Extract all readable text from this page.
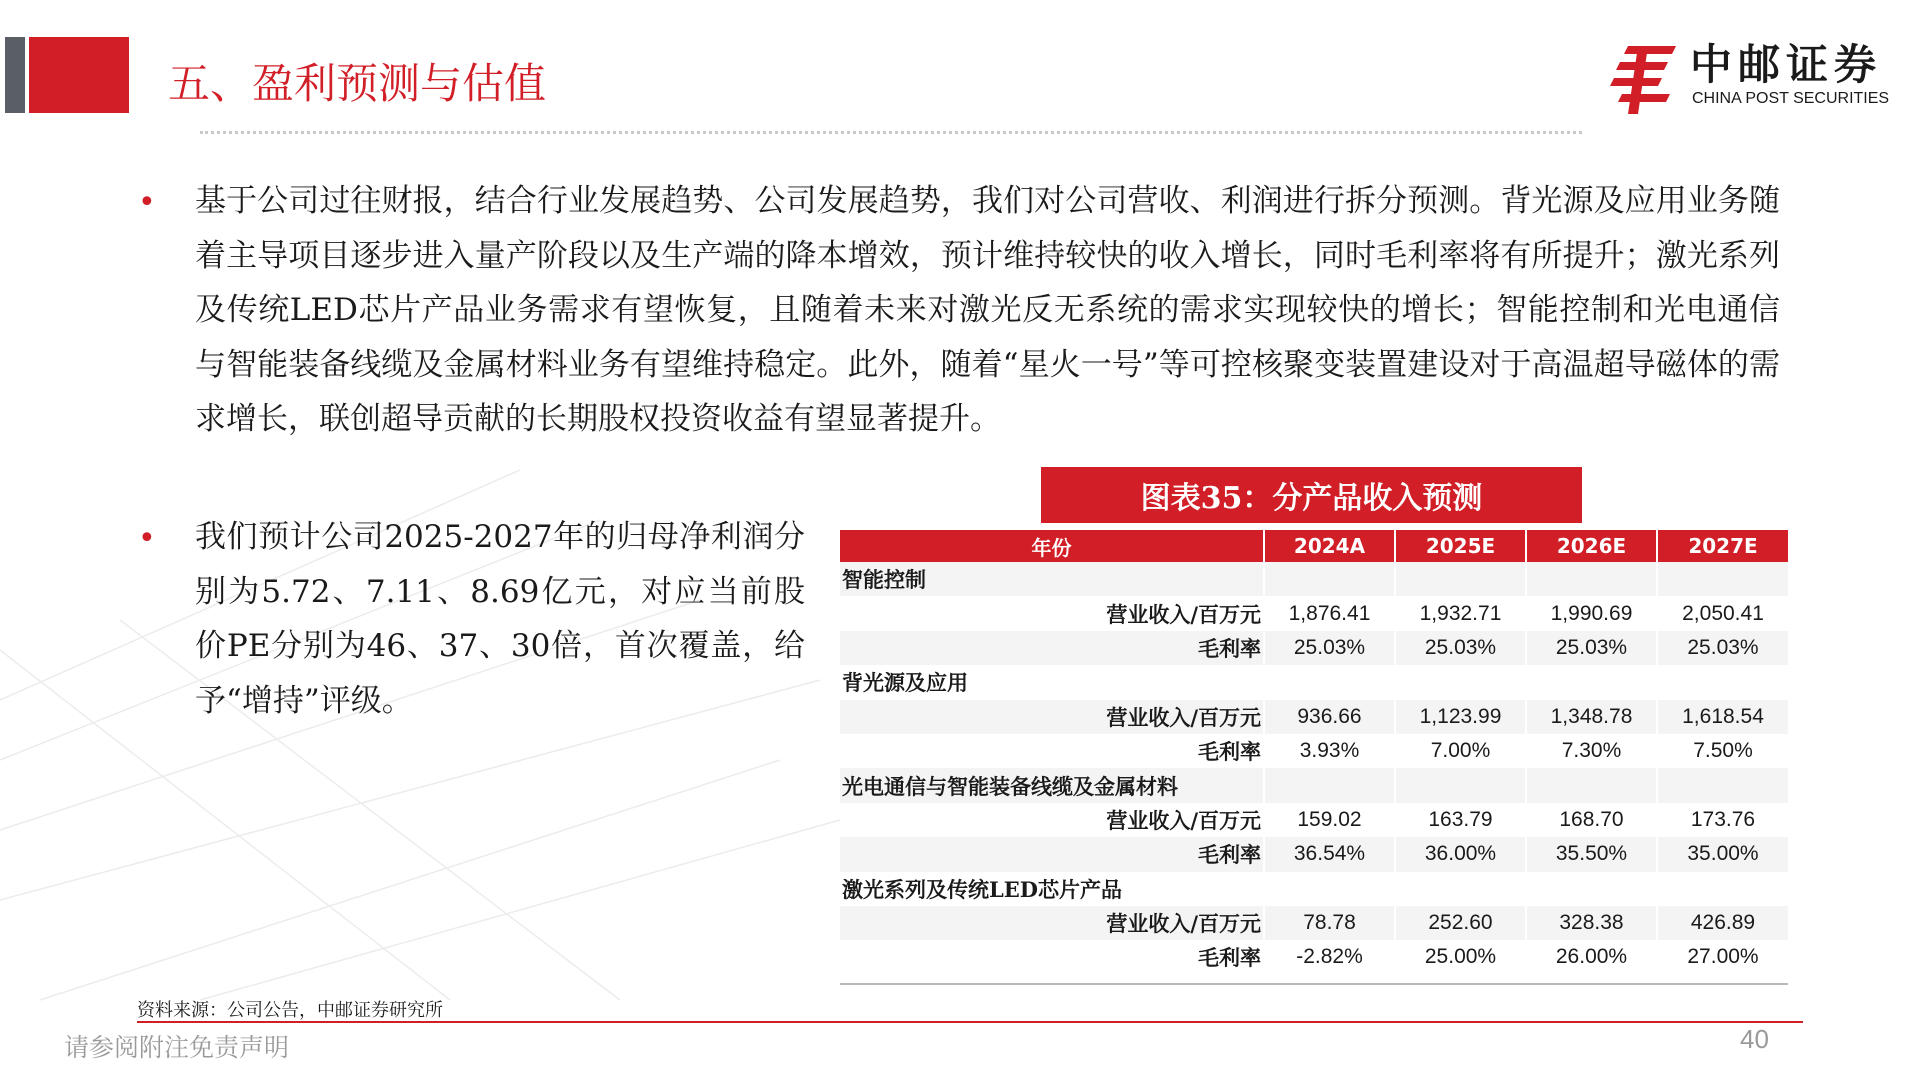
五、盈利预测与估值	中邮证券
CHINA POST SECURITIES
• 基于公司过往财报，结合行业发展趋势、公司发展趋势，我们对公司营收、利润进行拆分预测。背光源及应用业务随着主导项目逐步进入量产阶段以及生产端的降本增效，预计维持较快的收入增长，同时毛利率将有所提升；激光系列及传统LED芯片产品业务需求有望恢复，且随着未来对激光反无系统的需求实现较快的增长；智能控制和光电通信与智能装备线缆及金属材料业务有望维持稳定。此外，随着“星火一号”等可控核聚变装置建设对于高温超导磁体的需求增长，联创超导贡献的长期股权投资收益有望显著提升。

• 我们预计公司2025-2027年的归母净利润分别为5.72、7.11、8.69亿元，对应当前股价PE分别为46、37、30倍，首次覆盖，给予“增持”评级。

图表35：分产品收入预测
年份	2024A	2025E	2026E	2027E
智能控制				
营业收入/百万元	1,876.41	1,932.71	1,990.69	2,050.41
毛利率	25.03%	25.03%	25.03%	25.03%
背光源及应用				
营业收入/百万元	936.66	1,123.99	1,348.78	1,618.54
毛利率	3.93%	7.00%	7.30%	7.50%
光电通信与智能装备线缆及金属材料				
营业收入/百万元	159.02	163.79	168.70	173.76
毛利率	36.54%	36.00%	35.50%	35.00%
激光系列及传统LED芯片产品				
营业收入/百万元	78.78	252.60	328.38	426.89
毛利率	-2.82%	25.00%	26.00%	27.00%
资料来源：公司公告，中邮证券研究所
请参阅附注免责声明	40
